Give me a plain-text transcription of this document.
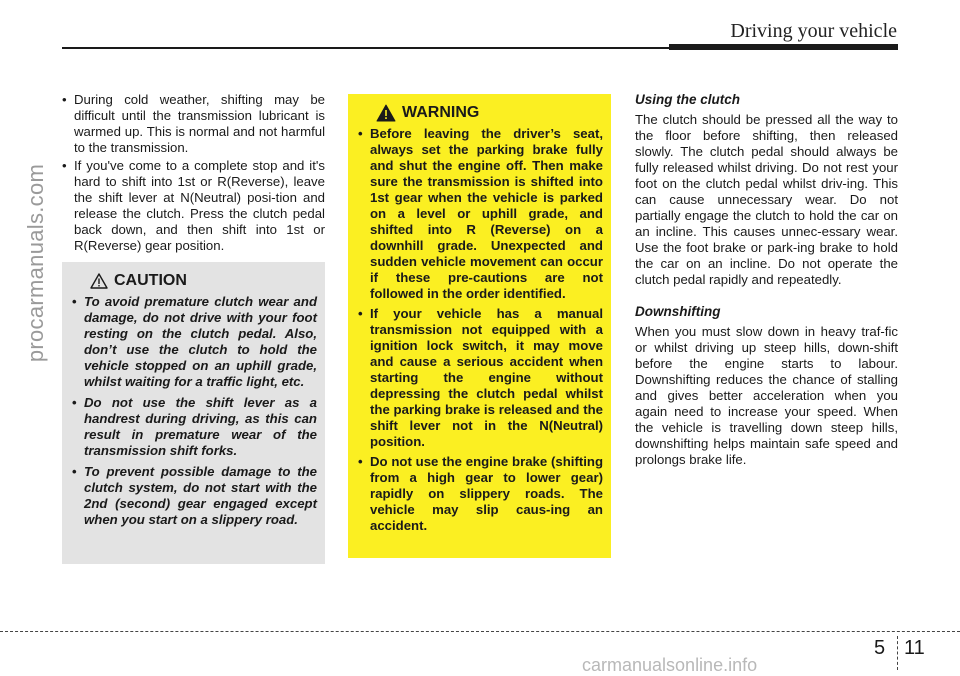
Driving your vehicle
procarmanuals.com
• During cold weather, shifting may be difficult until the transmission lubricant is warmed up. This is normal and not harmful to the transmission.
• If you've come to a complete stop and it's hard to shift into 1st or R(Reverse), leave the shift lever at N(Neutral) posi-tion and release the clutch. Press the clutch pedal back down, and then shift into 1st or R(Reverse) gear position.
CAUTION
• To avoid premature clutch wear and damage, do not drive with your foot resting on the clutch pedal. Also, don’t use the clutch to hold the vehicle stopped on an uphill grade, whilst waiting for a traffic light, etc.
• Do not use the shift lever as a handrest during driving, as this can result in premature wear of the transmission shift forks.
• To prevent possible damage to the clutch system, do not start with the 2nd (second) gear engaged except when you start on a slippery road.
WARNING
• Before leaving the driver’s seat, always set the parking brake fully and shut the engine off. Then make sure the transmission is shifted into 1st gear when the vehicle is parked on a level or uphill grade, and shifted into R (Reverse) on a downhill grade. Unexpected and sudden vehicle movement can occur if these pre-cautions are not followed in the order identified.
• If your vehicle has a manual transmission not equipped with a ignition lock switch, it may move and cause a serious accident when starting the engine without depressing the clutch pedal whilst the parking brake is released and the shift lever not in the N(Neutral) position.
• Do not use the engine brake (shifting from a high gear to lower gear) rapidly on slippery roads. The vehicle may slip caus-ing an accident.

Using the clutch

The clutch should be pressed all the way to the floor before shifting, then released slowly. The clutch pedal should always be fully released whilst driving. Do not rest your foot on the clutch pedal whilst driv-ing. This can cause unnecessary wear. Do not partially engage the clutch to hold the car on an incline. This causes unnec-essary wear. Use the foot brake or park-ing brake to hold the car on an incline. Do not operate the clutch pedal rapidly and repeatedly.

Downshifting

When you must slow down in heavy traf-fic or whilst driving up steep hills, down-shift before the engine starts to labour. Downshifting reduces the chance of stalling and gives better acceleration when you again need to increase your speed. When the vehicle is travelling down steep hills, downshifting helps maintain safe speed and prolongs brake life.

5 11
carmanualsonline.info
